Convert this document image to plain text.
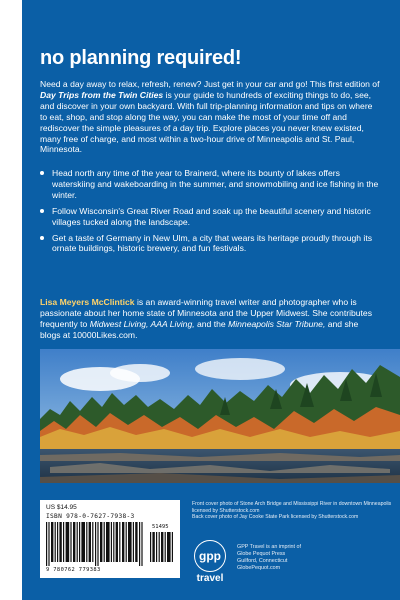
no planning required!

Need a day away to relax, refresh, renew? Just get in your car and go! This first edition of Day Trips from the Twin Cities is your guide to hundreds of exciting things to do, see, and discover in your own backyard. With full trip-planning information and tips on where to eat, shop, and stop along the way, you can make the most of your time off and rediscover the simple pleasures of a day trip. Explore places you never knew existed, many free of charge, and most within a two-hour drive of Minneapolis and St. Paul, Minnesota.

Head north any time of the year to Brainerd, where its bounty of lakes offers waterskiing and wakeboarding in the summer, and snowmobiling and ice fishing in the winter.
Follow Wisconsin's Great River Road and soak up the beautiful scenery and historic villages tucked along the landscape.
Get a taste of Germany in New Ulm, a city that wears its heritage proudly through its ornate buildings, historic brewery, and fun festivals.

Lisa Meyers McClintick is an award-winning travel writer and photographer who is passionate about her home state of Minnesota and the Upper Midwest. She contributes frequently to Midwest Living, AAA Living, and the Minneapolis Star Tribune, and she blogs at 10000Likes.com.

US $14.95
ISBN 978-0-7627-7938-3
51495
9 780762 779383

Front cover photo of Stone Arch Bridge and Mississippi River in downtown Minneapolis licensed by Shutterstock.com
Back cover photo of Jay Cooke State Park licensed by Shutterstock.com

gpp
travel

GPP Travel is an imprint of
Globe Pequot Press
Guilford, Connecticut
GlobePequot.com
